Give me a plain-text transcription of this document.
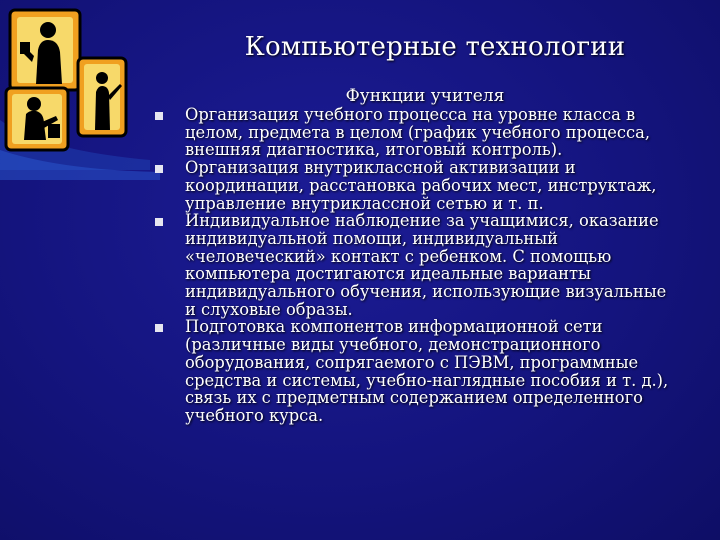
Компьютерные технологии
Функции учителя
Организация учебного процесса на уровне класса в целом, предмета в целом (график учебного процесса, внешняя диагностика, итоговый контроль).
Организация внутриклассной активизации и координации, расстановка рабочих мест, инструктаж, управление внутриклассной сетью и т. п.
Индивидуальное наблюдение за учащимися, оказание индивидуальной помощи, индивидуальный «человеческий» контакт с ребенком. С помощью компьютера достигаются идеальные варианты индивидуального обучения, использующие визуальные и слуховые образы.
Подготовка компонентов информационной сети (различные виды учебного, демонстрационного оборудования, сопрягаемого с ПЭВМ, программные средства и системы, учебно-наглядные пособия и т. д.), связь их с предметным содержанием определенного учебного курса.
